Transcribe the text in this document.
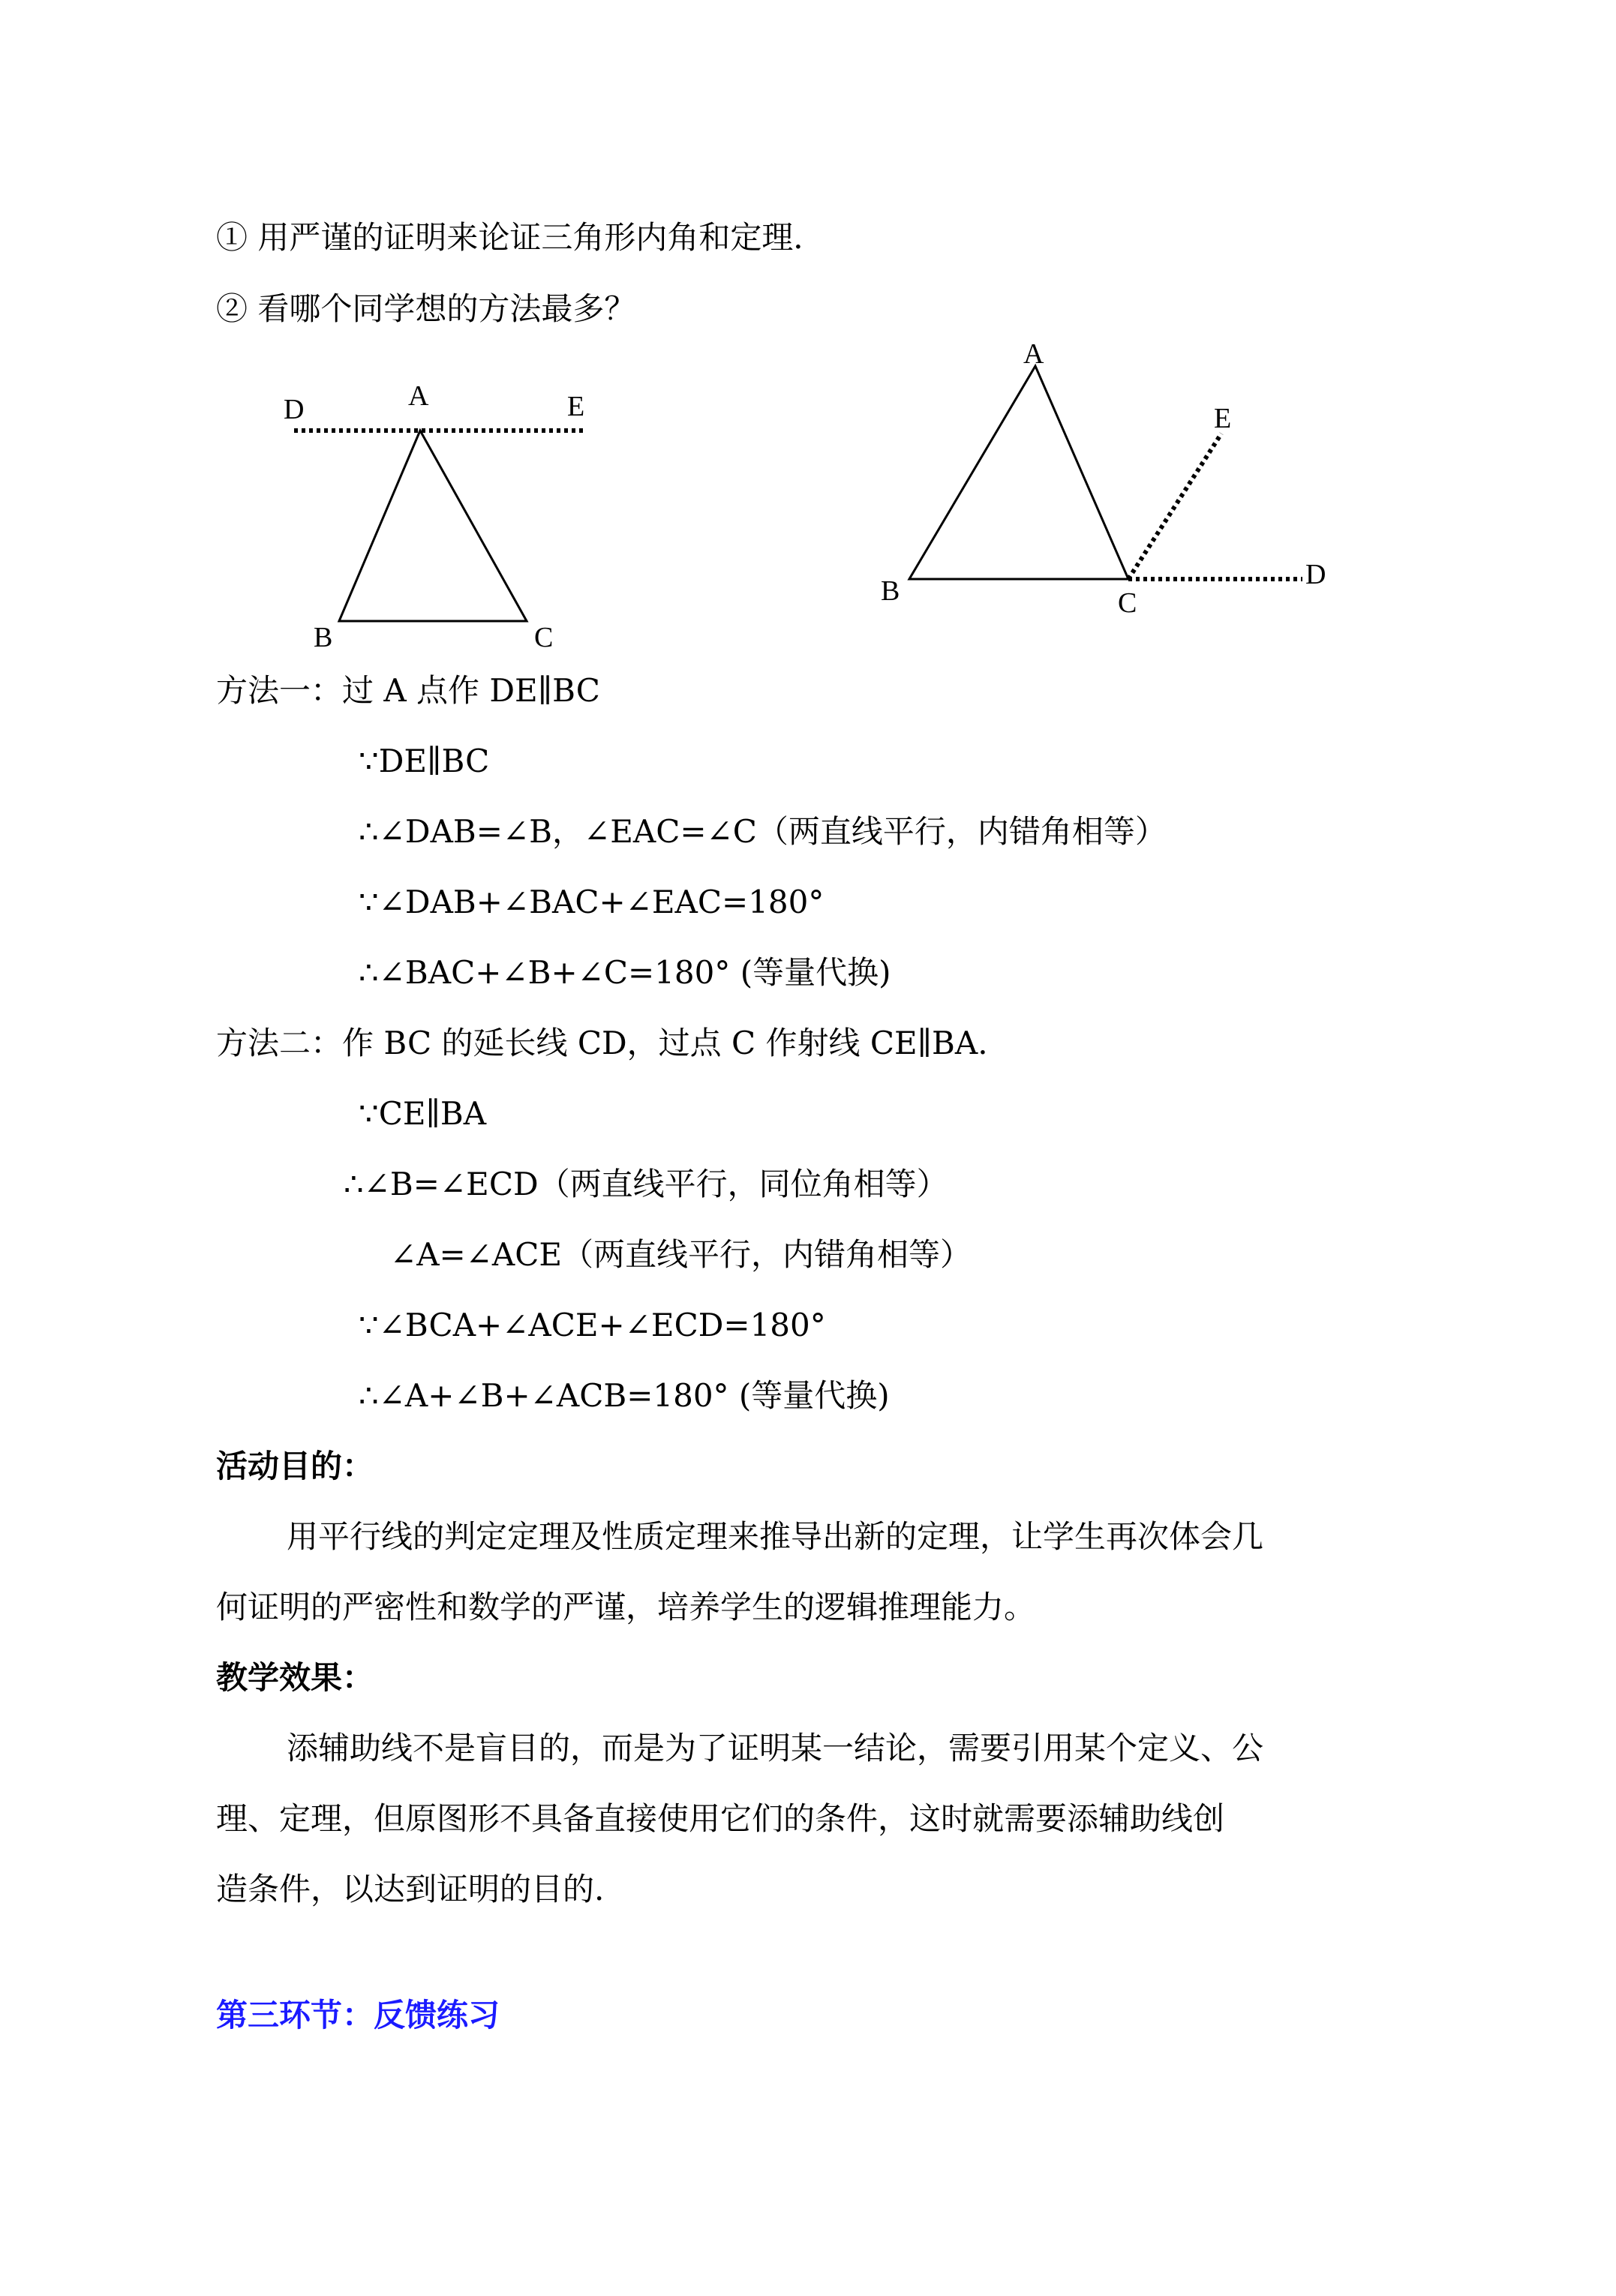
① 用严谨的证明来论证三角形内角和定理．
② 看哪个同学想的方法最多？
D	A	E
B	C
A
E
B	C
D
方法一：过 A 点作 DE∥BC
∵DE∥BC
∴∠DAB=∠B，∠EAC=∠C（两直线平行，内错角相等）
∵∠DAB+∠BAC+∠EAC=180°
∴∠BAC+∠B+∠C=180° (等量代换)
方法二：作 BC 的延长线 CD，过点 C 作射线 CE∥BA.
∵CE∥BA
∴∠B=∠ECD（两直线平行，同位角相等）
∠A=∠ACE（两直线平行，内错角相等）
∵∠BCA+∠ACE+∠ECD=180°
∴∠A+∠B+∠ACB=180° (等量代换)
活动目的：
用平行线的判定定理及性质定理来推导出新的定理，让学生再次体会几
何证明的严密性和数学的严谨，培养学生的逻辑推理能力。
教学效果：
添辅助线不是盲目的，而是为了证明某一结论，需要引用某个定义、公
理、定理，但原图形不具备直接使用它们的条件，这时就需要添辅助线创
造条件，以达到证明的目的.
第三环节：反馈练习
